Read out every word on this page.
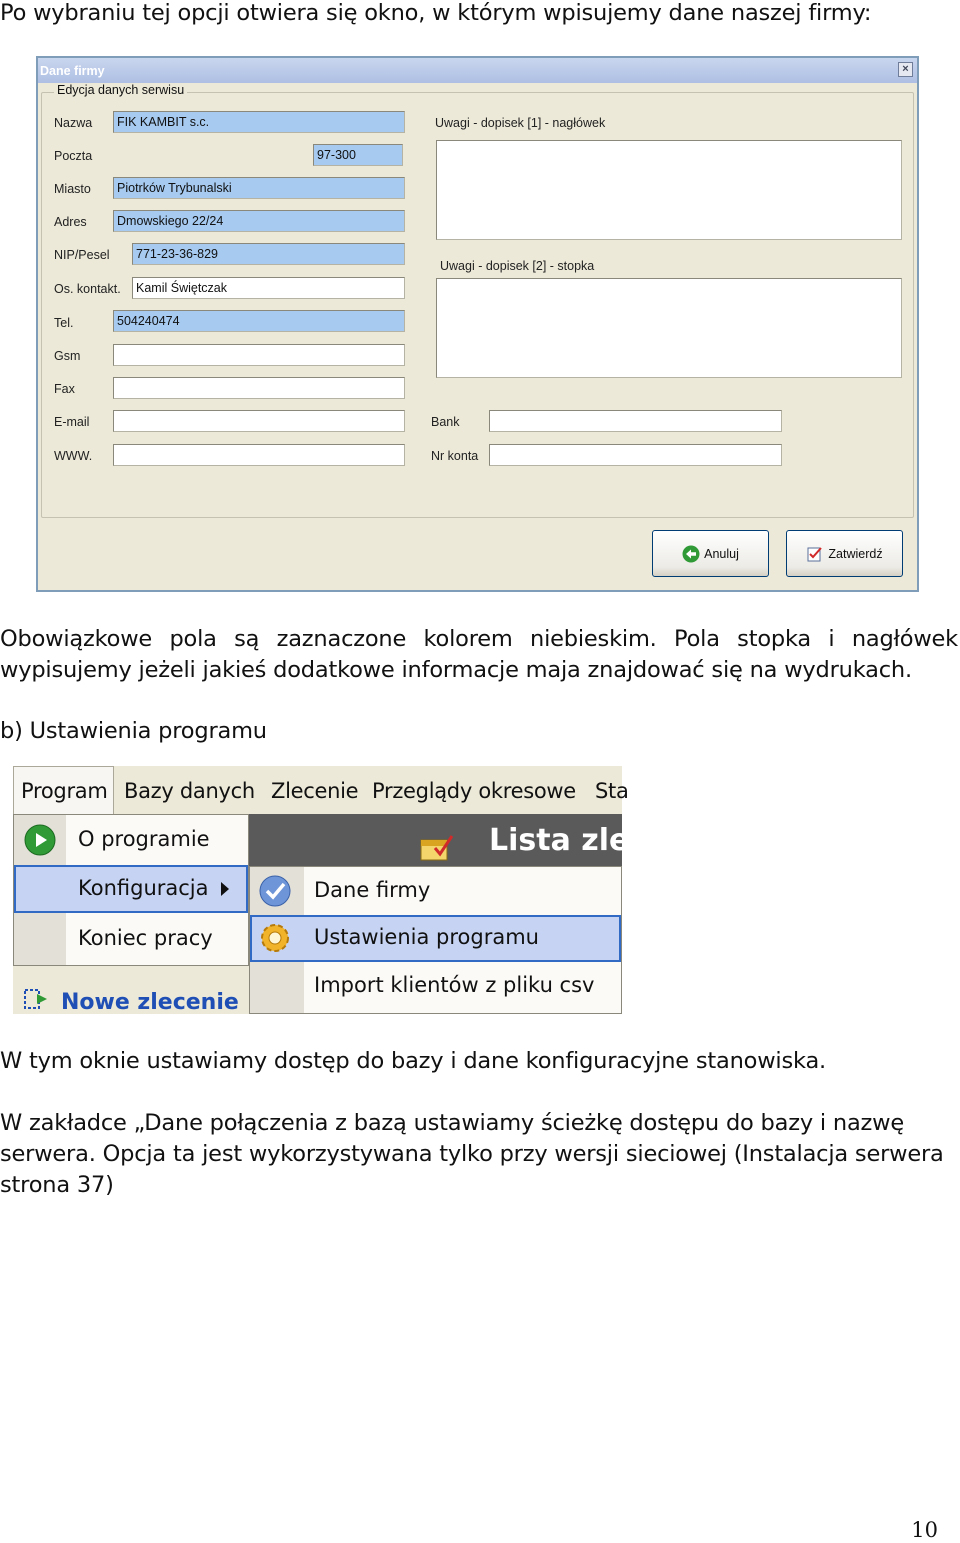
Po wybraniu tej opcji otwiera się okno, w którym wpisujemy dane naszej firmy:

Dane firmy	×
Edycja danych serwisu
Nazwa
Poczta
Miasto
Adres
NIP/Pesel
Os. kontakt.
Tel.
Gsm
Fax
E-mail
WWW.
FIK KAMBIT s.c.
97-300
Piotrków Trybunalski
Dmowskiego 22/24
771-23-36-829
Kamil Świętczak
504240474
Uwagi - dopisek [1] - nagłówek
Uwagi - dopisek [2] - stopka
Bank
Nr konta
Anuluj	Zatwierdź

Obowiązkowe pola są zaznaczone kolorem niebieskim. Pola stopka i nagłówek

wypisujemy jeżeli jakieś dodatkowe informacje maja znajdować się na wydrukach.

b) Ustawienia programu

Program Bazy danych Zlecenie Przeglądy okresowe Sta
Lista zle
Nowe zlecenie
O programie
Konfiguracja
Koniec pracy
Dane firmy
Ustawienia programu
Import klientów z pliku csv

W tym oknie ustawiamy dostęp do bazy i dane konfiguracyjne stanowiska.

W zakładce „Dane połączenia z bazą ustawiamy ścieżkę dostępu do bazy i nazwę

serwera. Opcja ta jest wykorzystywana tylko przy wersji sieciowej (Instalacja serwera

strona 37)

10
